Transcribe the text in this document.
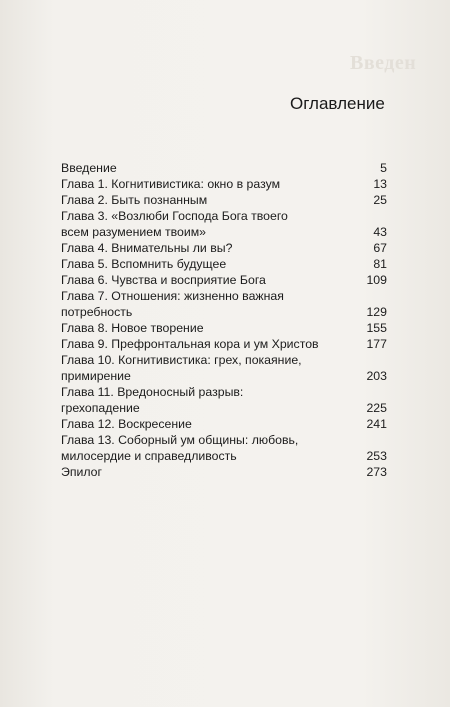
Введен
Оглавление
Введение	5
Глава 1. Когнитивистика: окно в разум	13
Глава 2. Быть познанным	25
Глава 3. «Возлюби Господа Бога твоего
всем разумением твоим»	43
Глава 4. Внимательны ли вы?	67
Глава 5. Вспомнить будущее	81
Глава 6. Чувства и восприятие Бога	109
Глава 7. Отношения: жизненно важная
потребность	129
Глава 8. Новое творение	155
Глава 9. Префронтальная кора и ум Христов	177
Глава 10. Когнитивистика: грех, покаяние,
примирение	203
Глава 11. Вредоносный разрыв:
грехопадение	225
Глава 12. Воскресение	241
Глава 13. Соборный ум общины: любовь,
милосердие и справедливость	253
Эпилог	273
